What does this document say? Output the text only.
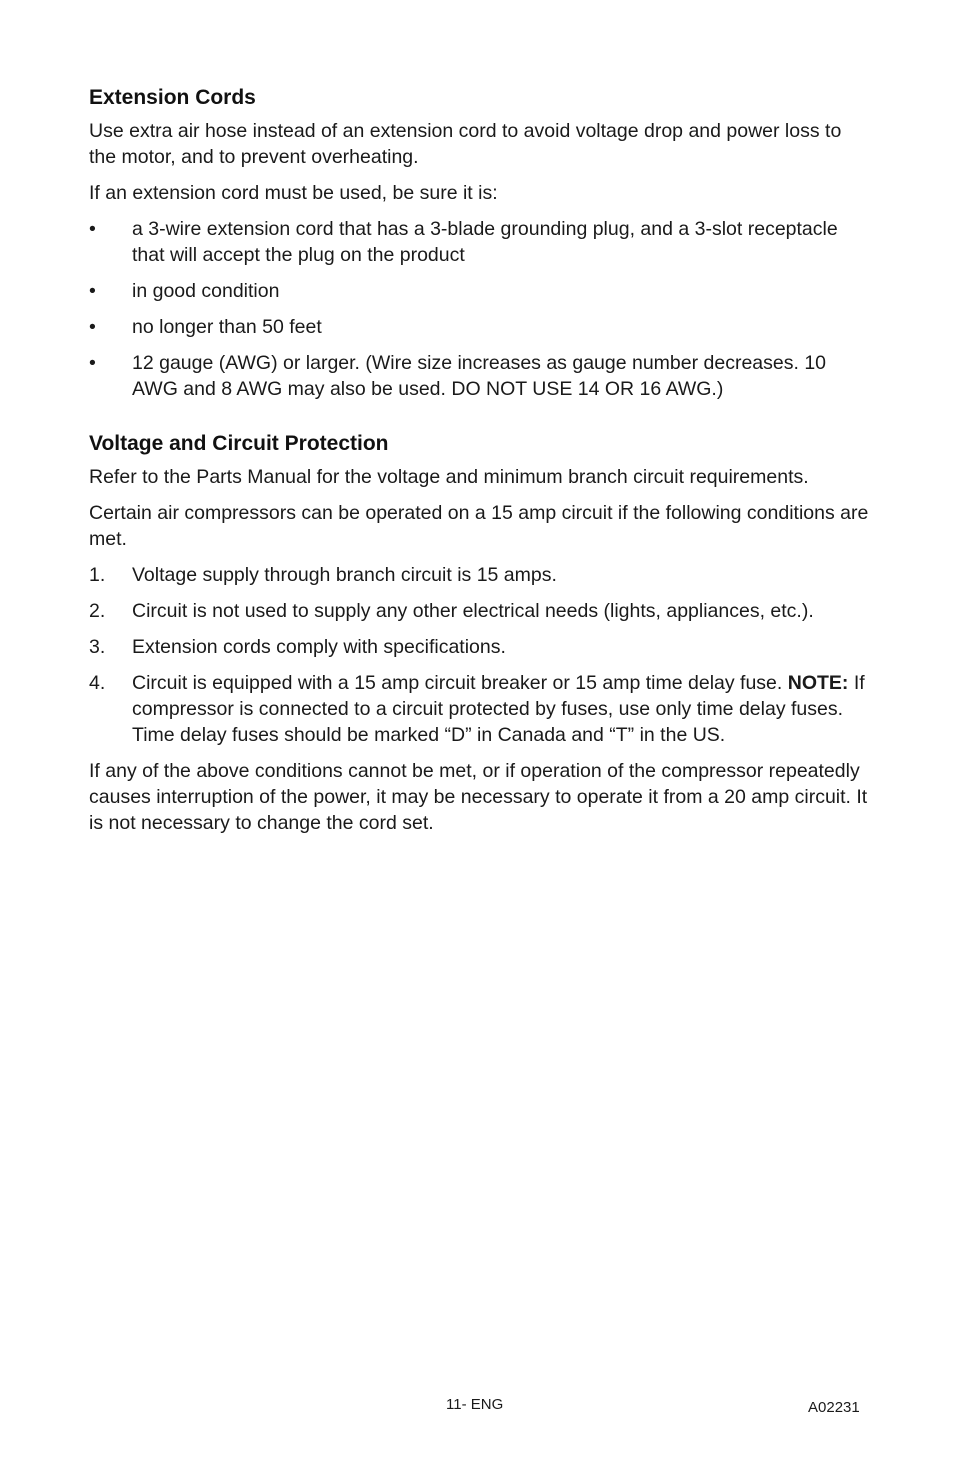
Extension Cords

Use extra air hose instead of an extension cord to avoid voltage drop and power loss to the motor, and to prevent overheating.

If an extension cord must be used, be sure it is:

•	a 3-wire extension cord that has a 3-blade grounding plug, and a 3-slot receptacle that will accept the plug on the product
•	in good condition
•	no longer than 50 feet
•	12 gauge (AWG) or larger. (Wire size increases as gauge number decreases. 10 AWG and 8 AWG may also be used. DO NOT USE 14 OR 16 AWG.)
Voltage and Circuit Protection

Refer to the Parts Manual for the voltage and minimum branch circuit requirements.

Certain air compressors can be operated on a 15 amp circuit if the following conditions are met.

1.	Voltage supply through branch circuit is 15 amps.
2.	Circuit is not used to supply any other electrical needs (lights, appliances, etc.).
3.	Extension cords comply with specifications.
4.	Circuit is equipped with a 15 amp circuit breaker or 15 amp time delay fuse. NOTE: If compressor is connected to a circuit protected by fuses, use only time delay fuses. Time delay fuses should be marked “D” in Canada and “T” in the US.

If any of the above conditions cannot be met, or if operation of the compressor repeatedly causes interruption of the power, it may be necessary to operate it from a 20 amp circuit. It is not necessary to change the cord set.

11- ENG	A02231
